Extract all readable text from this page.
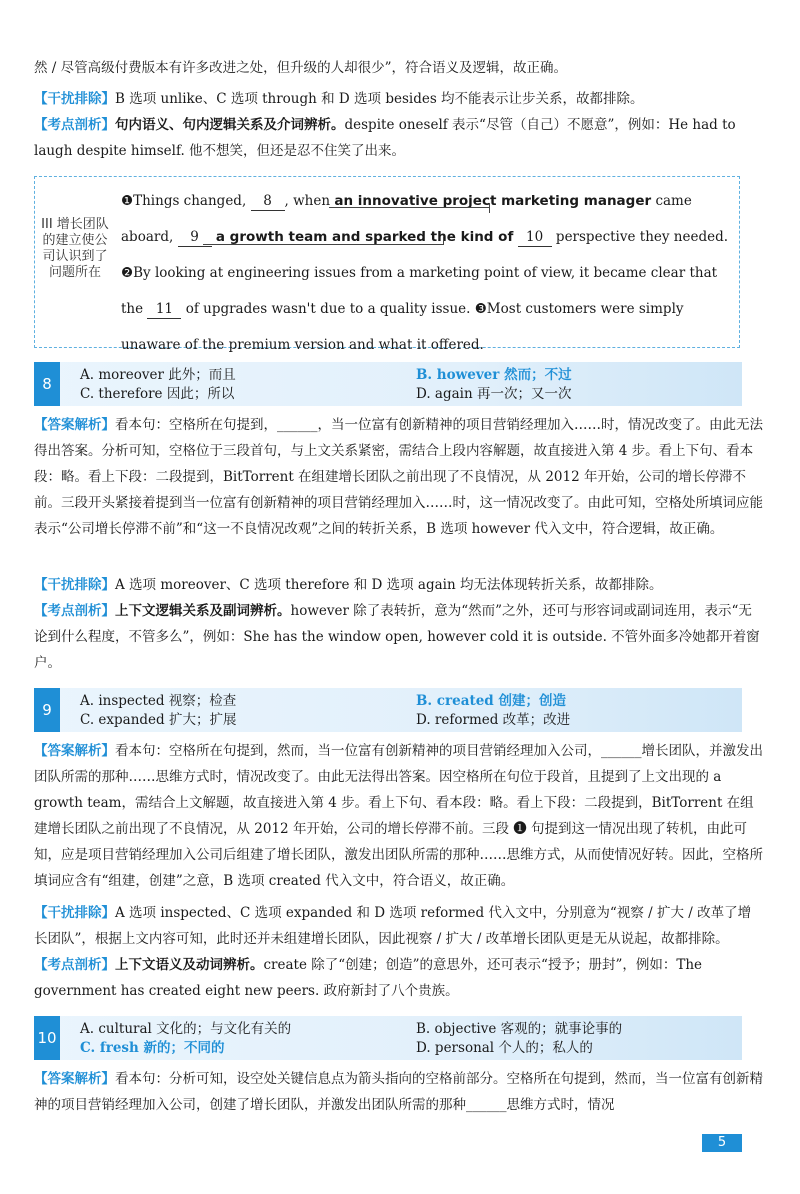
然 / 尽管高级付费版本有许多改进之处，但升级的人却很少”，符合语义及逻辑，故正确。
【干扰排除】B 选项 unlike、C 选项 through 和 D 选项 besides 均不能表示让步关系，故都排除。
【考点剖析】句内语义、句内逻辑关系及介词辨析。despite oneself 表示“尽管（自己）不愿意”，例如：He had to laugh despite himself. 他不想笑，但还是忍不住笑了出来。
III 增长团队的建立使公司认识到了问题所在
❶Things changed, 8 , when an innovative project marketing manager came aboard, 9 a growth team and sparked the kind of 10 perspective they needed. ❷By looking at engineering issues from a marketing point of view, it became clear that the 11 of upgrades wasn't due to a quality issue. ❸Most customers were simply unaware of the premium version and what it offered.
8	A. moreover 此外；而且	B. however 然而；不过
C. therefore 因此；所以	D. again 再一次；又一次
【答案解析】看本句：空格所在句提到，______，当一位富有创新精神的项目营销经理加入……时，情况改变了。由此无法得出答案。分析可知，空格位于三段首句，与上文关系紧密，需结合上段内容解题，故直接进入第 4 步。看上下句、看本段：略。看上下段：二段提到，BitTorrent 在组建增长团队之前出现了不良情况，从 2012 年开始，公司的增长停滞不前。三段开头紧接着提到当一位富有创新精神的项目营销经理加入……时，这一情况改变了。由此可知，空格处所填词应能表示“公司增长停滞不前”和“这一不良情况改观”之间的转折关系，B 选项 however 代入文中，符合逻辑，故正确。
【干扰排除】A 选项 moreover、C 选项 therefore 和 D 选项 again 均无法体现转折关系，故都排除。
【考点剖析】上下文逻辑关系及副词辨析。however 除了表转折，意为“然而”之外，还可与形容词或副词连用，表示“无论到什么程度，不管多么”，例如：She has the window open, however cold it is outside. 不管外面多冷她都开着窗户。
9	A. inspected 视察；检查	B. created 创建；创造
C. expanded 扩大；扩展	D. reformed 改革；改进
【答案解析】看本句：空格所在句提到，然而，当一位富有创新精神的项目营销经理加入公司，______增长团队，并激发出团队所需的那种……思维方式时，情况改变了。由此无法得出答案。因空格所在句位于段首，且提到了上文出现的 a growth team，需结合上文解题，故直接进入第 4 步。看上下句、看本段：略。看上下段：二段提到，BitTorrent 在组建增长团队之前出现了不良情况，从 2012 年开始，公司的增长停滞不前。三段 ❶ 句提到这一情况出现了转机，由此可知，应是项目营销经理加入公司后组建了增长团队，激发出团队所需的那种……思维方式，从而使情况好转。因此，空格所填词应含有“组建，创建”之意，B 选项 created 代入文中，符合语义，故正确。
【干扰排除】A 选项 inspected、C 选项 expanded 和 D 选项 reformed 代入文中，分别意为“视察 / 扩大 / 改革了增长团队”，根据上文内容可知，此时还并未组建增长团队，因此视察 / 扩大 / 改革增长团队更是无从说起，故都排除。
【考点剖析】上下文语义及动词辨析。create 除了“创建；创造”的意思外，还可表示“授予；册封”，例如：The government has created eight new peers. 政府新封了八个贵族。
10 A. cultural 文化的；与文化有关的	B. objective 客观的；就事论事的
C. fresh 新的；不同的	D. personal 个人的；私人的
【答案解析】看本句：分析可知，设空处关键信息点为箭头指向的空格前部分。空格所在句提到，然而，当一位富有创新精神的项目营销经理加入公司，创建了增长团队，并激发出团队所需的那种______思维方式时，情况
5
